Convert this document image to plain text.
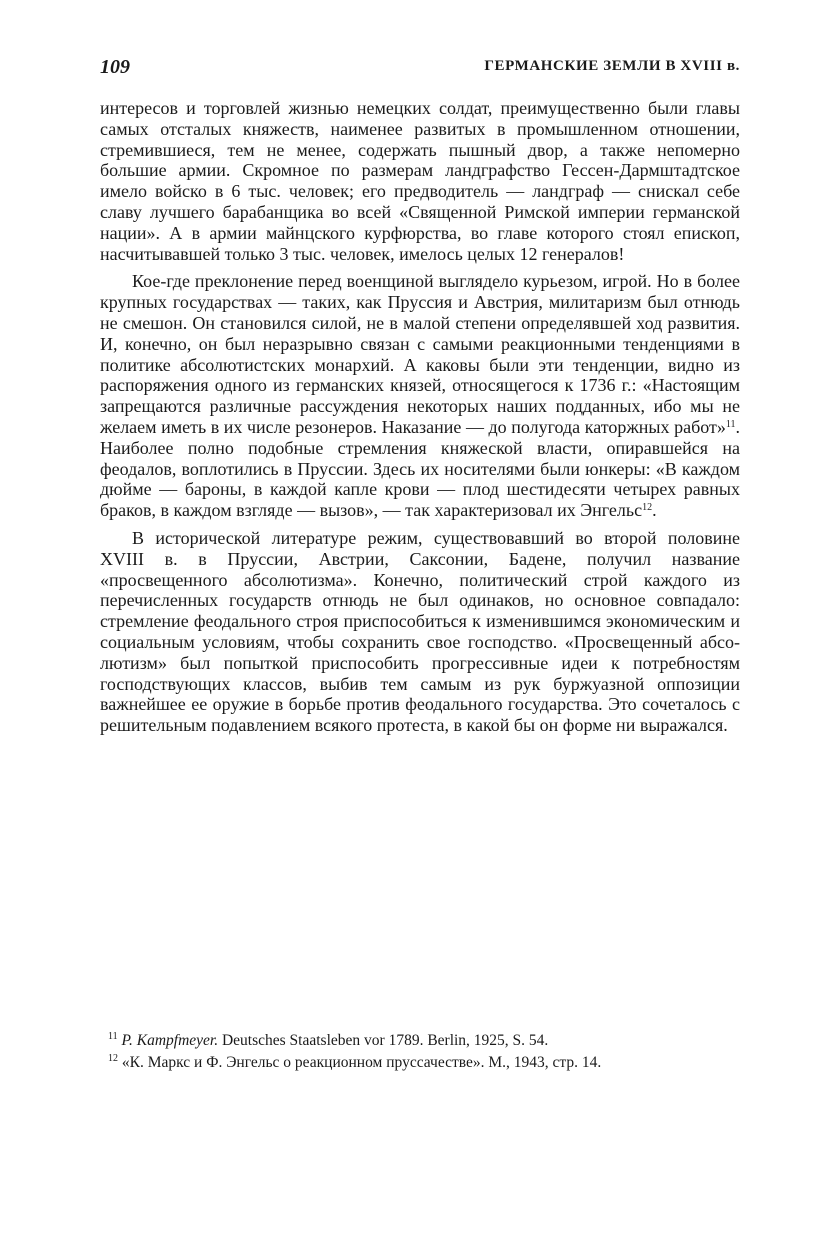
109	ГЕРМАНСКИЕ ЗЕМЛИ В XVIII в.

интересов и торговлей жизнью немецких солдат, преимущественно были главы самых отсталых княжеств, наименее развитых в промышленном отношении, стремившиеся, тем не менее, содержать пышный двор, а также непомерно большие армии. Скромное по размерам ландграфство Гессен-Дармштадтское имело войско в 6 тыс. человек; его предводитель — ландграф — снискал себе славу лучшего барабанщика во всей «Священной Римской империи германской нации». А в армии майнцского курфюрства, во главе которого стоял епископ, насчитывавшей только 3 тыс. человек, имелось целых 12 генералов!

Кое-где преклонение перед военщиной выглядело курьезом, игрой. Но в более крупных государствах — таких, как Пруссия и Австрия, милитаризм был отнюдь не смешон. Он становился силой, не в малой степени определявшей ход развития. И, конечно, он был неразрывно связан с самыми реакционными тенденциями в политике абсолютистских монархий. А каковы были эти тенденции, видно из распоряжения одного из германских князей, относящегося к 1736 г.: «Настоящим запрещаются различные рассуждения некоторых наших подданных, ибо мы не желаем иметь в их числе резонеров. Наказание — до полугода каторжных работ»$^{11}$. Наиболее полно подобные стремления княжеской власти, опиравшейся на феодалов, воплотились в Пруссии. Здесь их носителями были юнкеры: «В каждом дюйме — бароны, в каждой капле крови — плод шестидесяти четырех равных браков, в каждом взгляде — вызов», — так характеризовал их Энгельс$^{12}$.

В исторической литературе режим, существовавший во второй половине XVIII в. в Пруссии, Австрии, Саксонии, Бадене, получил название «просвещенного абсолютизма». Конечно, политический строй каждого из перечисленных государств отнюдь не был одинаков, но основное совпадало: стремление феодального строя приспособиться к изменившимся экономическим и социальным условиям, чтобы сохранить свое господство. «Просвещенный абсолютизм» был попыткой приспособить прогрессивные идеи к потребностям господствующих классов, выбив тем самым из рук буржуазной оппозиции важнейшее ее оружие в борьбе против феодального государства. Это сочеталось с решительным подавлением всякого протеста, в какой бы он форме ни выражался.

$^{11}$ P. Kampfmeyer. Deutsches Staatsleben vor 1789. Berlin, 1925, S. 54.
$^{12}$ «К. Маркс и Ф. Энгельс о реакционном пруссачестве». М., 1943, стр. 14.
